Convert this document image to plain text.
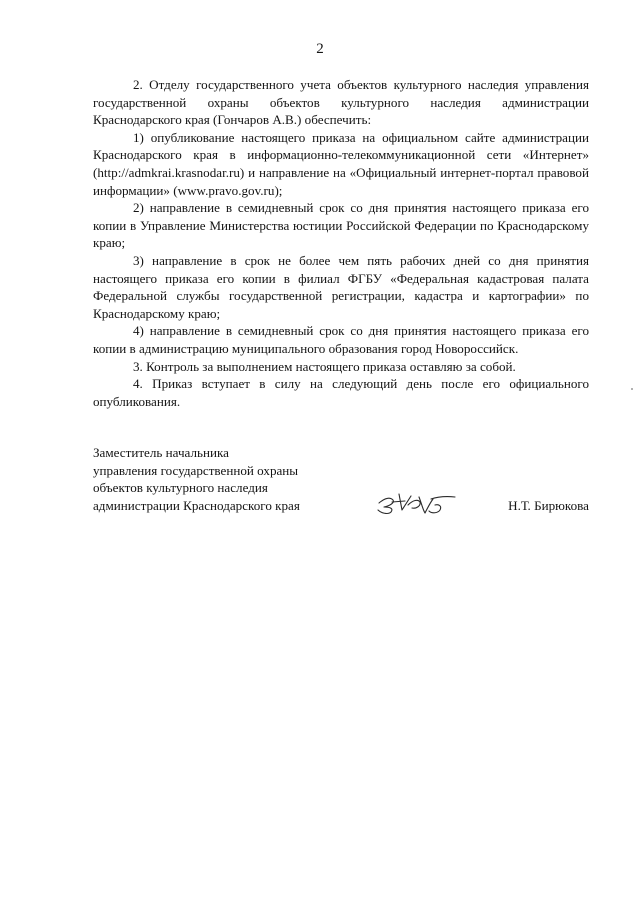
2

2. Отделу государственного учета объектов культурного наследия управления государственной охраны объектов культурного наследия администрации Краснодарского края (Гончаров А.В.) обеспечить:

1) опубликование настоящего приказа на официальном сайте администрации Краснодарского края в информационно-телекоммуникационной сети «Интернет» (http://admkrai.krasnodar.ru) и направление на «Официальный интернет-портал правовой информации» (www.pravo.gov.ru);

2) направление в семидневный срок со дня принятия настоящего приказа его копии в Управление Министерства юстиции Российской Федерации по Краснодарскому краю;

3) направление в срок не более чем пять рабочих дней со дня принятия настоящего приказа его копии в филиал ФГБУ «Федеральная кадастровая палата Федеральной службы государственной регистрации, кадастра и картографии» по Краснодарскому краю;

4) направление в семидневный срок со дня принятия настоящего приказа его копии в администрацию муниципального образования город Новороссийск.

3. Контроль за выполнением настоящего приказа оставляю за собой.

4. Приказ вступает в силу на следующий день после его официального опубликования.

Заместитель начальника
управления государственной охраны
объектов культурного наследия
администрации Краснодарского края	Н.Т. Бирюкова
